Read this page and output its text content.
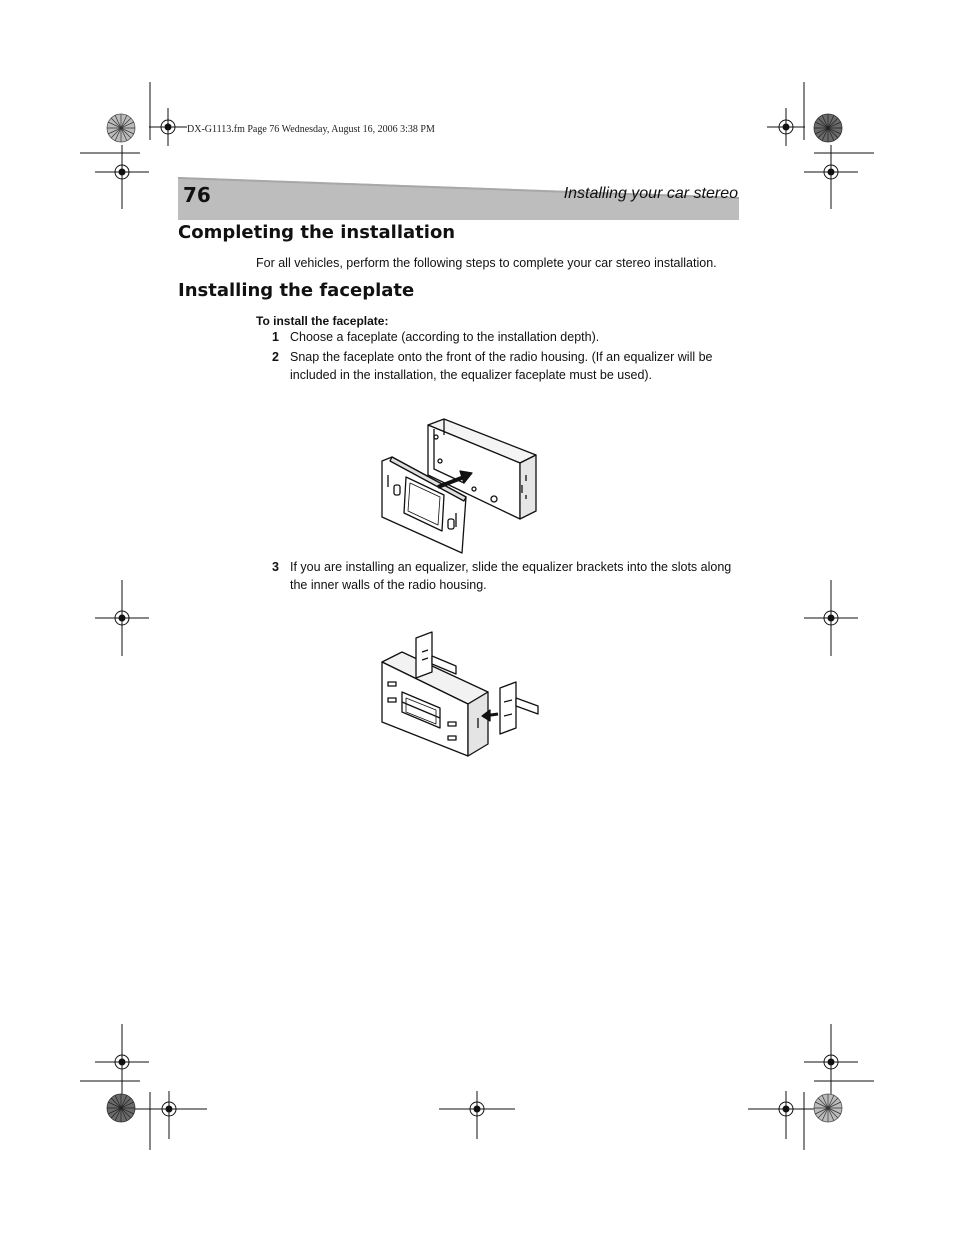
DX-G1113.fm Page 76 Wednesday, August 16, 2006 3:38 PM
76	Installing your car stereo
Completing the installation
For all vehicles, perform the following steps to complete your car stereo installation.
Installing the faceplate
To install the faceplate:
1 Choose a faceplate (according to the installation depth).
2 Snap the faceplate onto the front of the radio housing. (If an equalizer will be included in the installation, the equalizer faceplate must be used).
3 If you are installing an equalizer, slide the equalizer brackets into the slots along the inner walls of the radio housing.
